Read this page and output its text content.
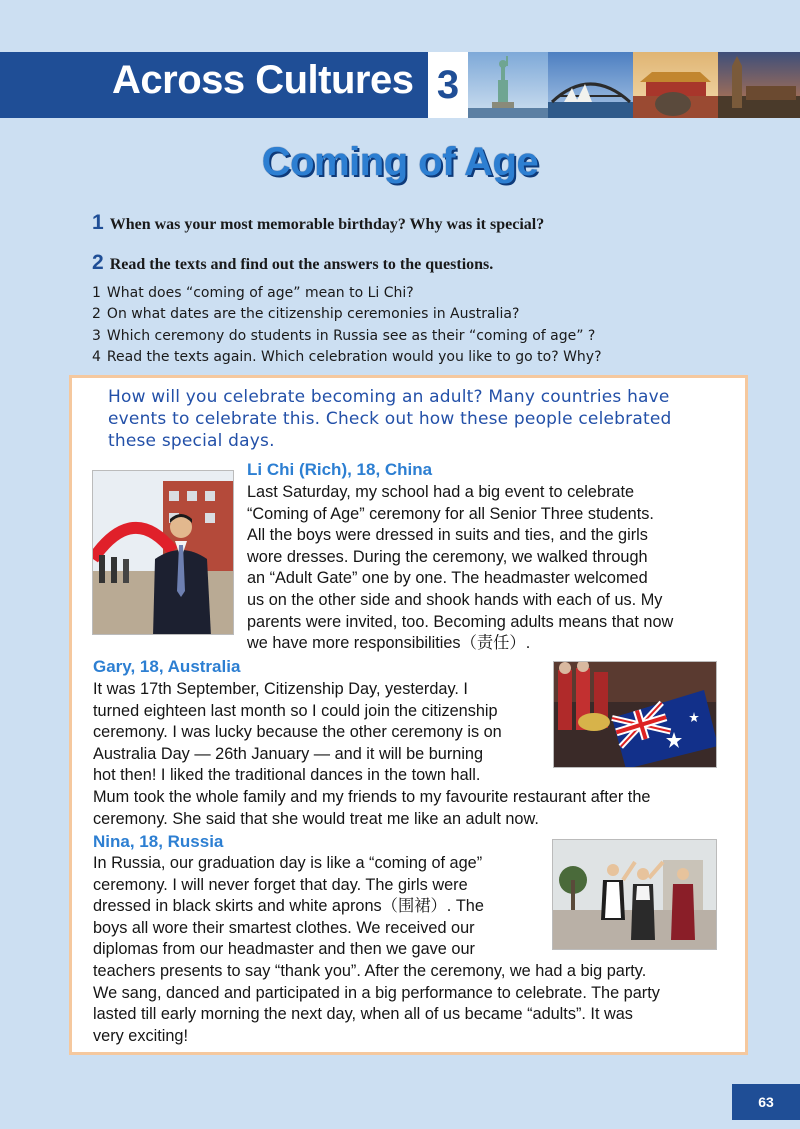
Across Cultures 3
Coming of Age
1 When was your most memorable birthday? Why was it special?
2 Read the texts and find out the answers to the questions.
1 What does “coming of age” mean to Li Chi?
2 On what dates are the citizenship ceremonies in Australia?
3 Which ceremony do students in Russia see as their “coming of age” ?
4 Read the texts again. Which celebration would you like to go to? Why?
How will you celebrate becoming an adult? Many countries have
events to celebrate this. Check out how these people celebrated
these special days.
Li Chi (Rich), 18, China
Last Saturday, my school had a big event to celebrate
“Coming of Age” ceremony for all Senior Three students.
All the boys were dressed in suits and ties, and the girls
wore dresses. During the ceremony, we walked through
an “Adult Gate” one by one. The headmaster welcomed
us on the other side and shook hands with each of us. My
parents were invited, too. Becoming adults means that now
we have more responsibilities（责任）.
Gary, 18, Australia
It was 17th September, Citizenship Day, yesterday. I
turned eighteen last month so I could join the citizenship
ceremony. I was lucky because the other ceremony is on
Australia Day — 26th January — and it will be burning
hot then! I liked the traditional dances in the town hall.
Mum took the whole family and my friends to my favourite restaurant after the
ceremony. She said that she would treat me like an adult now.
Nina, 18, Russia
In Russia, our graduation day is like a “coming of age”
ceremony. I will never forget that day. The girls were
dressed in black skirts and white aprons（围裙）. The
boys all wore their smartest clothes. We received our
diplomas from our headmaster and then we gave our
teachers presents to say “thank you”. After the ceremony, we had a big party.
We sang, danced and participated in a big performance to celebrate. The party
lasted till early morning the next day, when all of us became “adults”. It was
very exciting!
63
